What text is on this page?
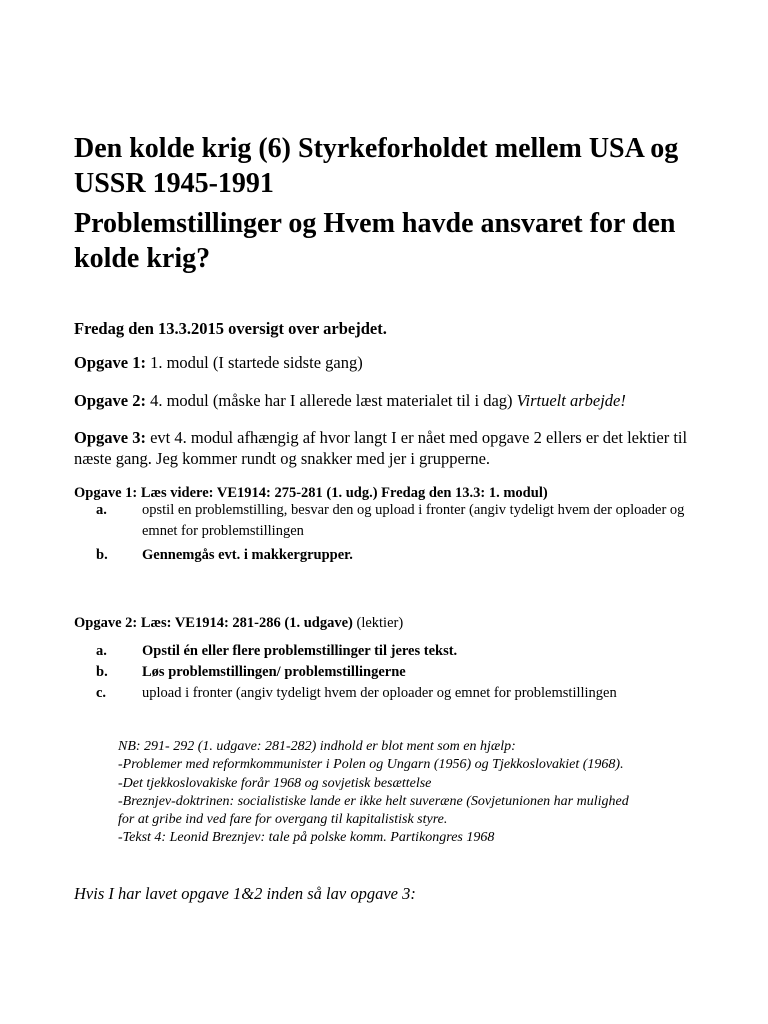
Den kolde krig (6) Styrkeforholdet mellem USA og USSR 1945-1991
Problemstillinger og Hvem havde ansvaret for den kolde krig?

Fredag den 13.3.2015 oversigt over arbejdet.

Opgave 1: 1. modul (I startede sidste gang)

Opgave 2: 4. modul (måske har I allerede læst materialet til i dag) Virtuelt arbejde!

Opgave 3: evt 4. modul afhængig af hvor langt I er nået med opgave 2 ellers er det lektier til næste gang. Jeg kommer rundt og snakker med jer i grupperne.

Opgave 1: Læs videre: VE1914: 275-281 (1. udg.) Fredag den 13.3: 1. modul)

a. opstil en problemstilling, besvar den og upload i fronter (angiv tydeligt hvem der oploader og emnet for problemstillingen
b. Gennemgås evt. i makkergrupper.

Opgave 2: Læs: VE1914: 281-286 (1. udgave) (lektier)

a. Opstil én eller flere problemstillinger til jeres tekst.
b. Løs problemstillingen/ problemstillingerne
c. upload i fronter (angiv tydeligt hvem der oploader og emnet for problemstillingen
NB: 291- 292 (1. udgave: 281-282) indhold er blot ment som en hjælp:
-Problemer med reformkommunister i Polen og Ungarn (1956) og Tjekkoslovakiet (1968).
-Det tjekkoslovakiske forår 1968 og sovjetisk besættelse
-Breznjev-doktrinen: socialistiske lande er ikke helt suveræne (Sovjetunionen har mulighed
for at gribe ind ved fare for overgang til kapitalistisk styre.
-Tekst 4: Leonid Breznjev: tale på polske komm. Partikongres 1968

Hvis I har lavet opgave 1&2 inden så lav opgave 3:
